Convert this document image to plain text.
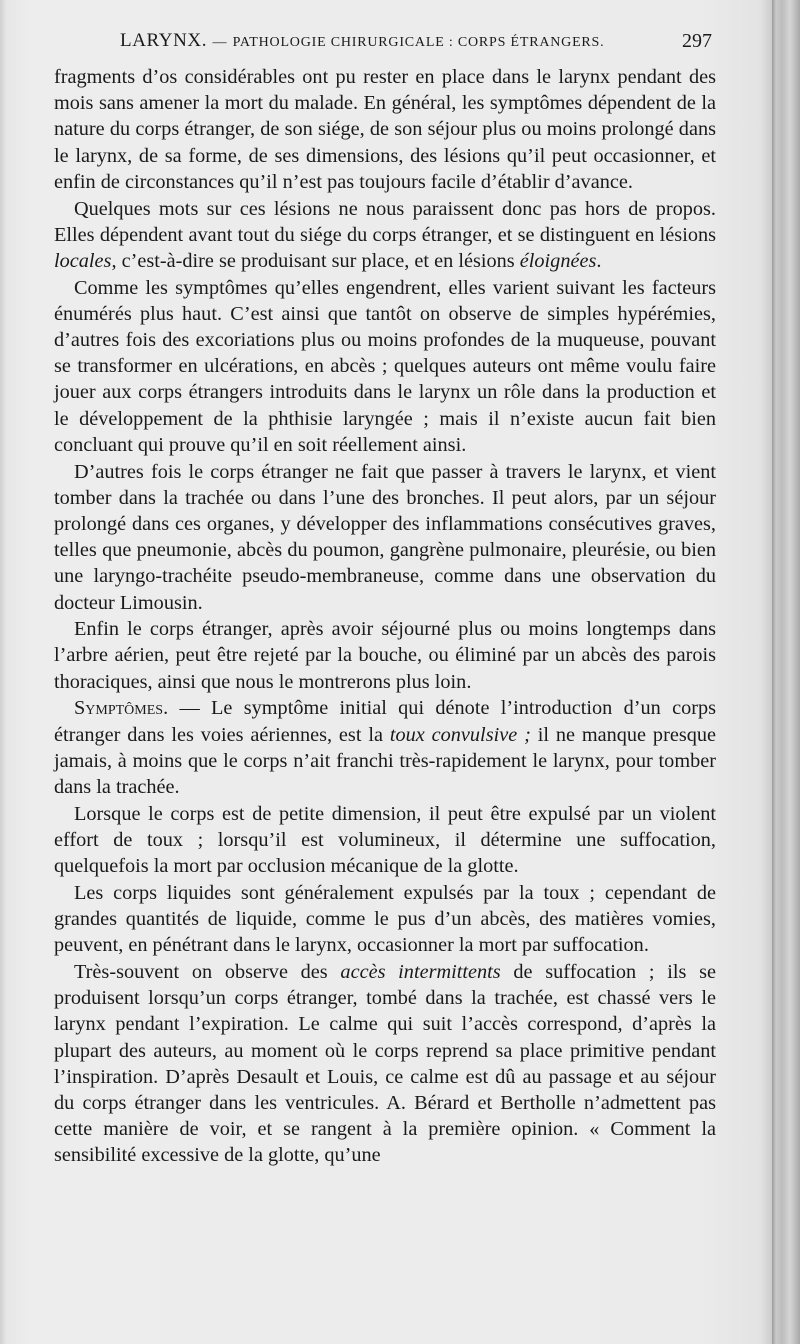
LARYNX. — PATHOLOGIE CHIRURGICALE : CORPS ÉTRANGERS.	297

fragments d’os considérables ont pu rester en place dans le larynx pendant des mois sans amener la mort du malade. En général, les symptômes dépendent de la nature du corps étranger, de son siége, de son séjour plus ou moins prolongé dans le larynx, de sa forme, de ses dimensions, des lésions qu’il peut occasionner, et enfin de circonstances qu’il n’est pas toujours facile d’établir d’avance.

Quelques mots sur ces lésions ne nous paraissent donc pas hors de propos. Elles dépendent avant tout du siége du corps étranger, et se distinguent en lésions locales, c’est-à-dire se produisant sur place, et en lésions éloignées.

Comme les symptômes qu’elles engendrent, elles varient suivant les facteurs énumérés plus haut. C’est ainsi que tantôt on observe de simples hypérémies, d’autres fois des excoriations plus ou moins profondes de la muqueuse, pouvant se transformer en ulcérations, en abcès ; quelques auteurs ont même voulu faire jouer aux corps étrangers introduits dans le larynx un rôle dans la production et le développement de la phthisie laryngée ; mais il n’existe aucun fait bien concluant qui prouve qu’il en soit réellement ainsi.

D’autres fois le corps étranger ne fait que passer à travers le larynx, et vient tomber dans la trachée ou dans l’une des bronches. Il peut alors, par un séjour prolongé dans ces organes, y développer des inflammations consécutives graves, telles que pneumonie, abcès du poumon, gangrène pulmonaire, pleurésie, ou bien une laryngo-trachéite pseudo-membraneuse, comme dans une observation du docteur Limousin.

Enfin le corps étranger, après avoir séjourné plus ou moins longtemps dans l’arbre aérien, peut être rejeté par la bouche, ou éliminé par un abcès des parois thoraciques, ainsi que nous le montrerons plus loin.

Symptômes. — Le symptôme initial qui dénote l’introduction d’un corps étranger dans les voies aériennes, est la toux convulsive ; il ne manque presque jamais, à moins que le corps n’ait franchi très-rapidement le larynx, pour tomber dans la trachée.

Lorsque le corps est de petite dimension, il peut être expulsé par un violent effort de toux ; lorsqu’il est volumineux, il détermine une suffocation, quelquefois la mort par occlusion mécanique de la glotte.

Les corps liquides sont généralement expulsés par la toux ; cependant de grandes quantités de liquide, comme le pus d’un abcès, des matières vomies, peuvent, en pénétrant dans le larynx, occasionner la mort par suffocation.

Très-souvent on observe des accès intermittents de suffocation ; ils se produisent lorsqu’un corps étranger, tombé dans la trachée, est chassé vers le larynx pendant l’expiration. Le calme qui suit l’accès correspond, d’après la plupart des auteurs, au moment où le corps reprend sa place primitive pendant l’inspiration. D’après Desault et Louis, ce calme est dû au passage et au séjour du corps étranger dans les ventricules. A. Bérard et Bertholle n’admettent pas cette manière de voir, et se rangent à la première opinion. « Comment la sensibilité excessive de la glotte, qu’une
